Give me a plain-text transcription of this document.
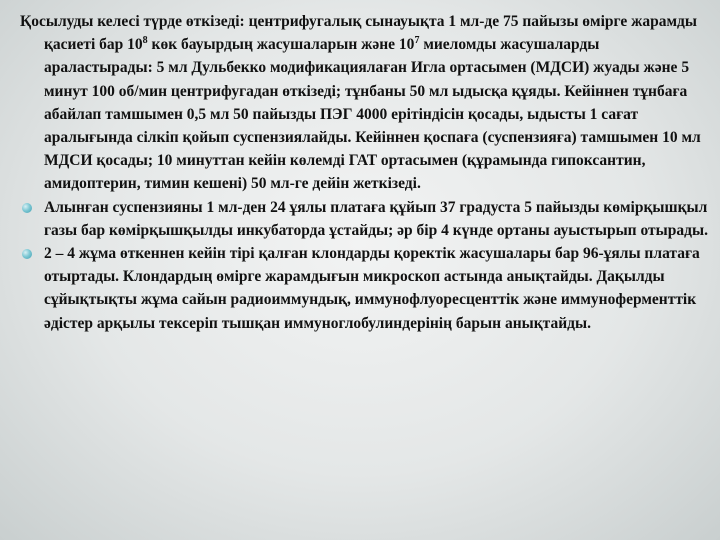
Қосылуды келесі түрде өткізеді: центрифугалық сынауықта 1 мл-де 75 пайызы өмірге жарамды қасиеті бар $10^8$ көк бауырдың жасушаларын және $10^7$ миеломды жасушаларды араластырады: 5 мл Дульбекко модификациялаған Игла ортасымен (МДСИ) жуады және 5 минут 100 об/мин центрифугадан өткізеді; тұнбаны 50 мл ыдысқа құяды. Кейіннен тұнбаға абайлап тамшымен 0,5 мл 50 пайызды ПЭГ 4000 ерітіндісін қосады, ыдысты 1 сағат аралығында сілкіп қойып суспензиялайды. Кейіннен қоспаға (суспензияға) тамшымен 10 мл МДСИ қосады; 10 минуттан кейін көлемді ГАТ ортасымен (құрамында гипоксантин, амидоптерин, тимин кешені) 50 мл-ге дейін жеткізеді.

Алынған суспензияны 1 мл-ден 24 ұялы платаға құйып 37 градуста 5 пайызды көмірқышқыл газы бар көмірқышқылды инкубаторда ұстайды; әр бір 4 күнде ортаны ауыстырып отырады.

2 – 4 жұма өткеннен кейін тірі қалған клондарды қоректік жасушалары бар 96-ұялы платаға отыртады. Клондардың өмірге жарамдығын микроскоп астында анықтайды. Дақылды сұйықтықты жұма сайын радиоиммундық, иммунофлуоресценттік және иммуноферменттік әдістер арқылы тексеріп тышқан иммуноглобулиндерінің барын анықтайды.
